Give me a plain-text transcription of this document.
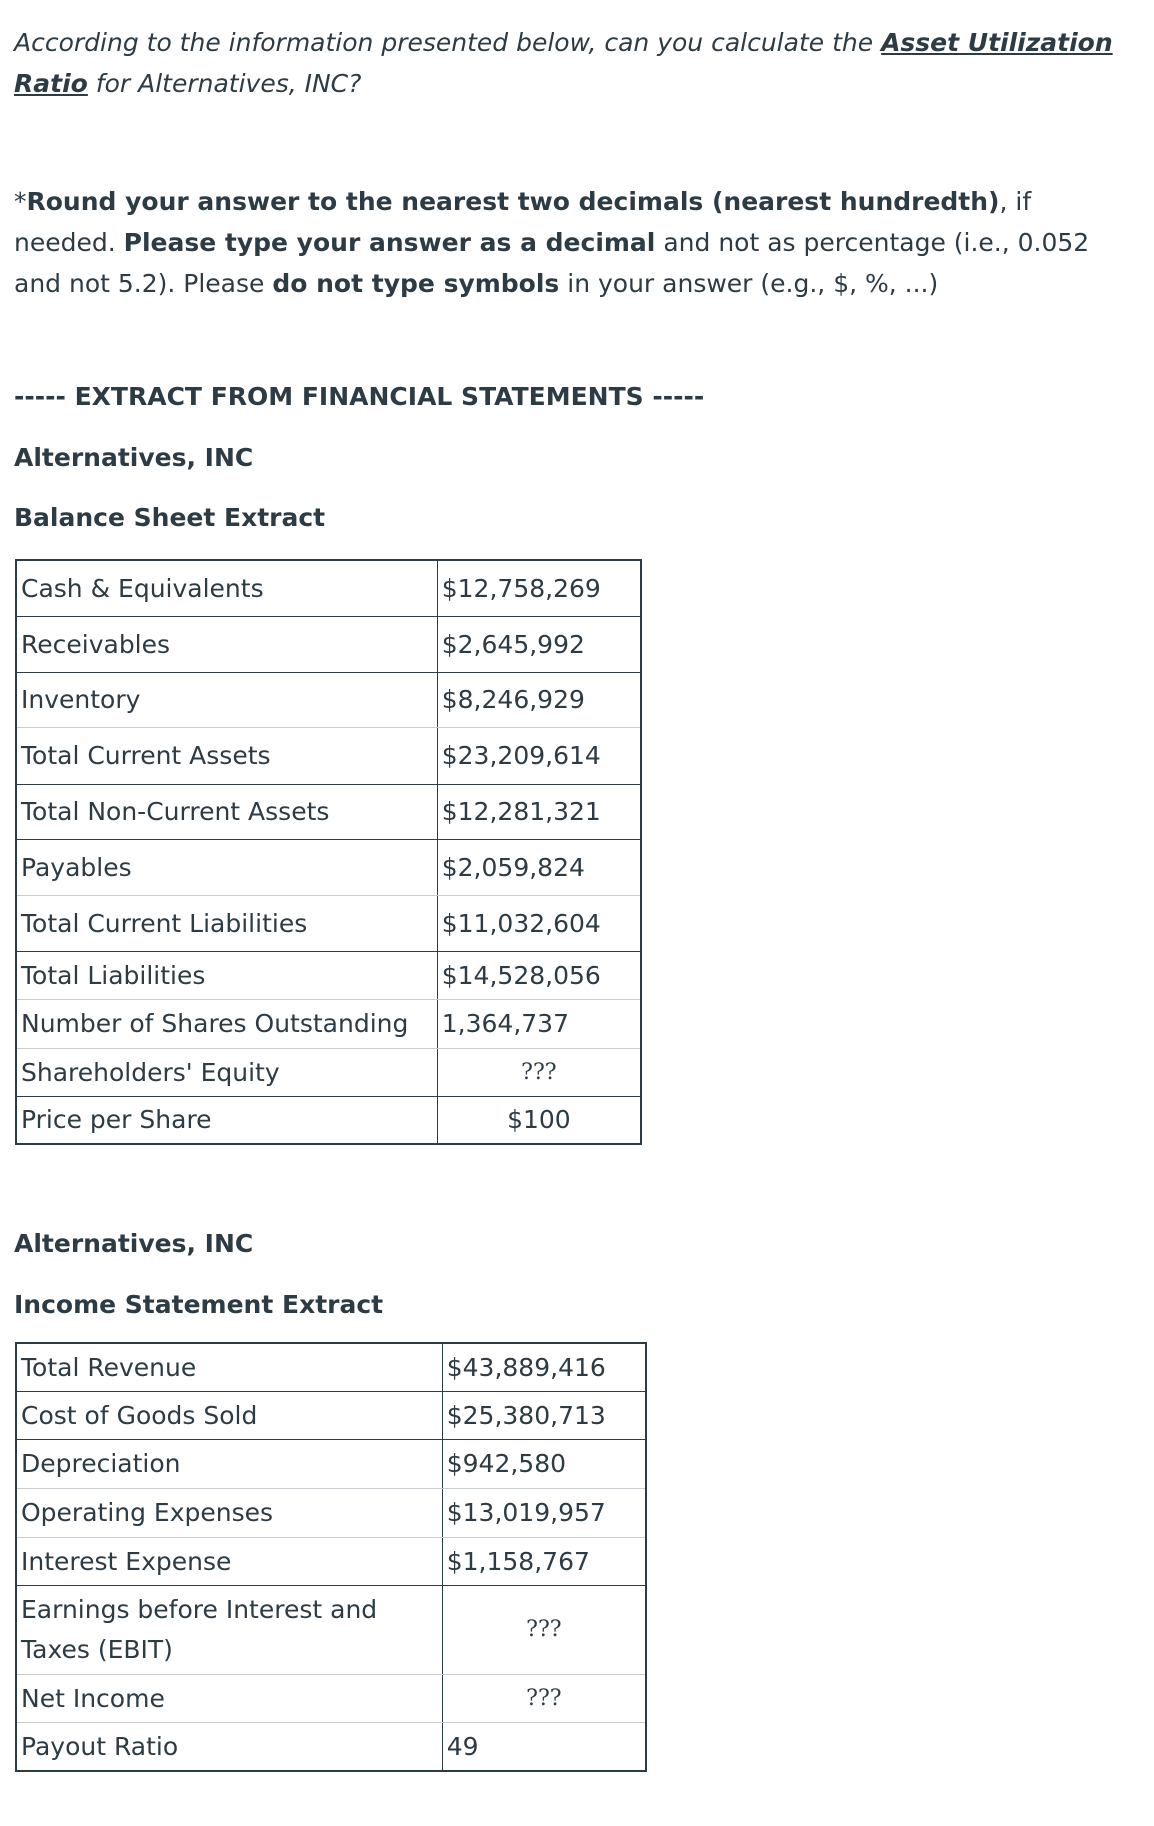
According to the information presented below, can you calculate the Asset Utilization Ratio for Alternatives, INC?
*Round your answer to the nearest two decimals (nearest hundredth), if needed. Please type your answer as a decimal and not as percentage (i.e., 0.052 and not 5.2). Please do not type symbols in your answer (e.g., $, %, ...)
----- EXTRACT FROM FINANCIAL STATEMENTS -----
Alternatives, INC
Balance Sheet Extract
Cash & Equivalents	$12,758,269
Receivables	$2,645,992
Inventory	$8,246,929
Total Current Assets	$23,209,614
Total Non-Current Assets	$12,281,321
Payables	$2,059,824
Total Current Liabilities	$11,032,604
Total Liabilities	$14,528,056
Number of Shares Outstanding	1,364,737
Shareholders' Equity	???
Price per Share	$100
Alternatives, INC
Income Statement Extract
Total Revenue	$43,889,416
Cost of Goods Sold	$25,380,713
Depreciation	$942,580
Operating Expenses	$13,019,957
Interest Expense	$1,158,767
Earnings before Interest and Taxes (EBIT)	???
Net Income	???
Payout Ratio	49
